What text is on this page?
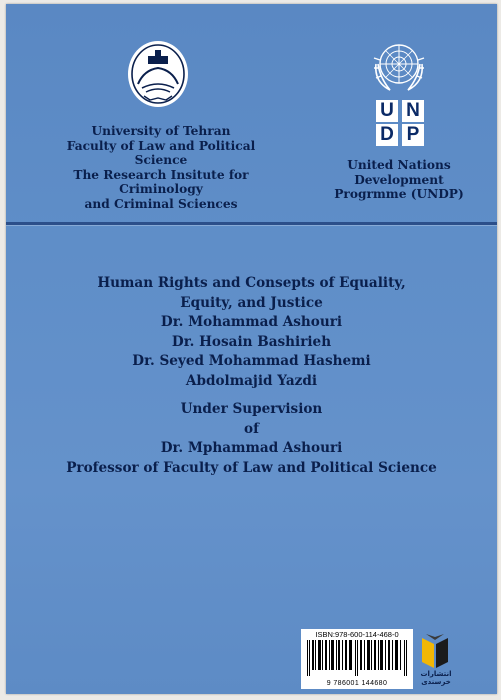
U N
D P
University of Tehran
Faculty of Law and Political Science
The Research Insitute for Criminology
and Criminal Sciences
United Nations Development
Progrmme (UNDP)
Human Rights and Consepts of Equality,
Equity, and Justice
Dr. Mohammad Ashouri
Dr. Hosain Bashirieh
Dr. Seyed Mohammad Hashemi
Abdolmajid Yazdi
Under Supervision
of
Dr. Mphammad Ashouri
Professor of Faculty of Law and Political Science
ISBN:978-600-114-468-0
9 786001 144680
انتشارات خرسندی
